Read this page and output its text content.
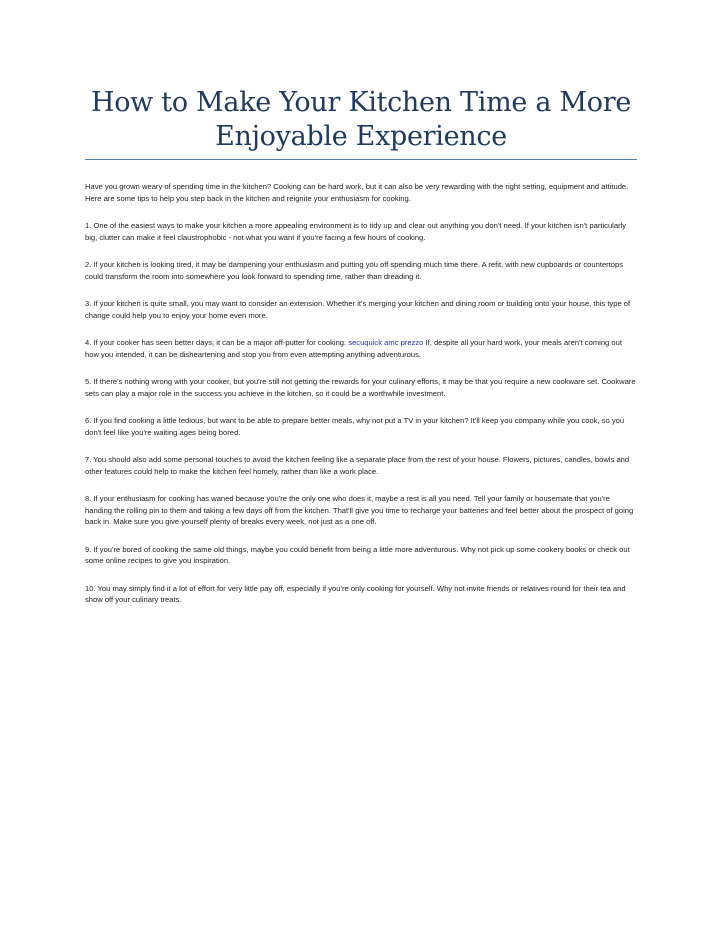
How to Make Your Kitchen Time a More
Enjoyable Experience

Have you grown weary of spending time in the kitchen? Cooking can be hard work, but it can also be very rewarding with the right setting, equipment and attitude. Here are some tips to help you step back in the kitchen and reignite your enthusiasm for cooking.

1. One of the easiest ways to make your kitchen a more appealing environment is to tidy up and clear out anything you don't need. If your kitchen isn't particularly big, clutter can make it feel claustrophobic - not what you want if you're facing a few hours of cooking.

2. If your kitchen is looking tired, it may be dampening your enthusiasm and putting you off spending much time there. A refit, with new cupboards or countertops could transform the room into somewhere you look forward to spending time, rather than dreading it.

3. If your kitchen is quite small, you may want to consider an extension. Whether it's merging your kitchen and dining room or building onto your house, this type of change could help you to enjoy your home even more.

4. If your cooker has seen better days, it can be a major off-putter for cooking. secuquick amc prezzo If, despite all your hard work, your meals aren't coming out how you intended, it can be disheartening and stop you from even attempting anything adventurous.

5. If there's nothing wrong with your cooker, but you're still not getting the rewards for your culinary efforts, it may be that you require a new cookware set. Cookware sets can play a major role in the success you achieve in the kitchen, so it could be a worthwhile investment.

6. If you find cooking a little tedious, but want to be able to prepare better meals, why not put a TV in your kitchen? It'll keep you company while you cook, so you don't feel like you're waiting ages being bored.

7. You should also add some personal touches to avoid the kitchen feeling like a separate place from the rest of your house. Flowers, pictures, candles, bowls and other features could help to make the kitchen feel homely, rather than like a work place.

8. If your enthusiasm for cooking has waned because you're the only one who does it, maybe a rest is all you need. Tell your family or housemate that you're handing the rolling pin to them and taking a few days off from the kitchen. That'll give you time to recharge your batteries and feel better about the prospect of going back in. Make sure you give yourself plenty of breaks every week, not just as a one off.

9. If you're bored of cooking the same old things, maybe you could benefit from being a little more adventurous. Why not pick up some cookery books or check out some online recipes to give you inspiration.

10. You may simply find it a lot of effort for very little pay off, especially if you're only cooking for yourself. Why not invite friends or relatives round for their tea and show off your culinary treats.
